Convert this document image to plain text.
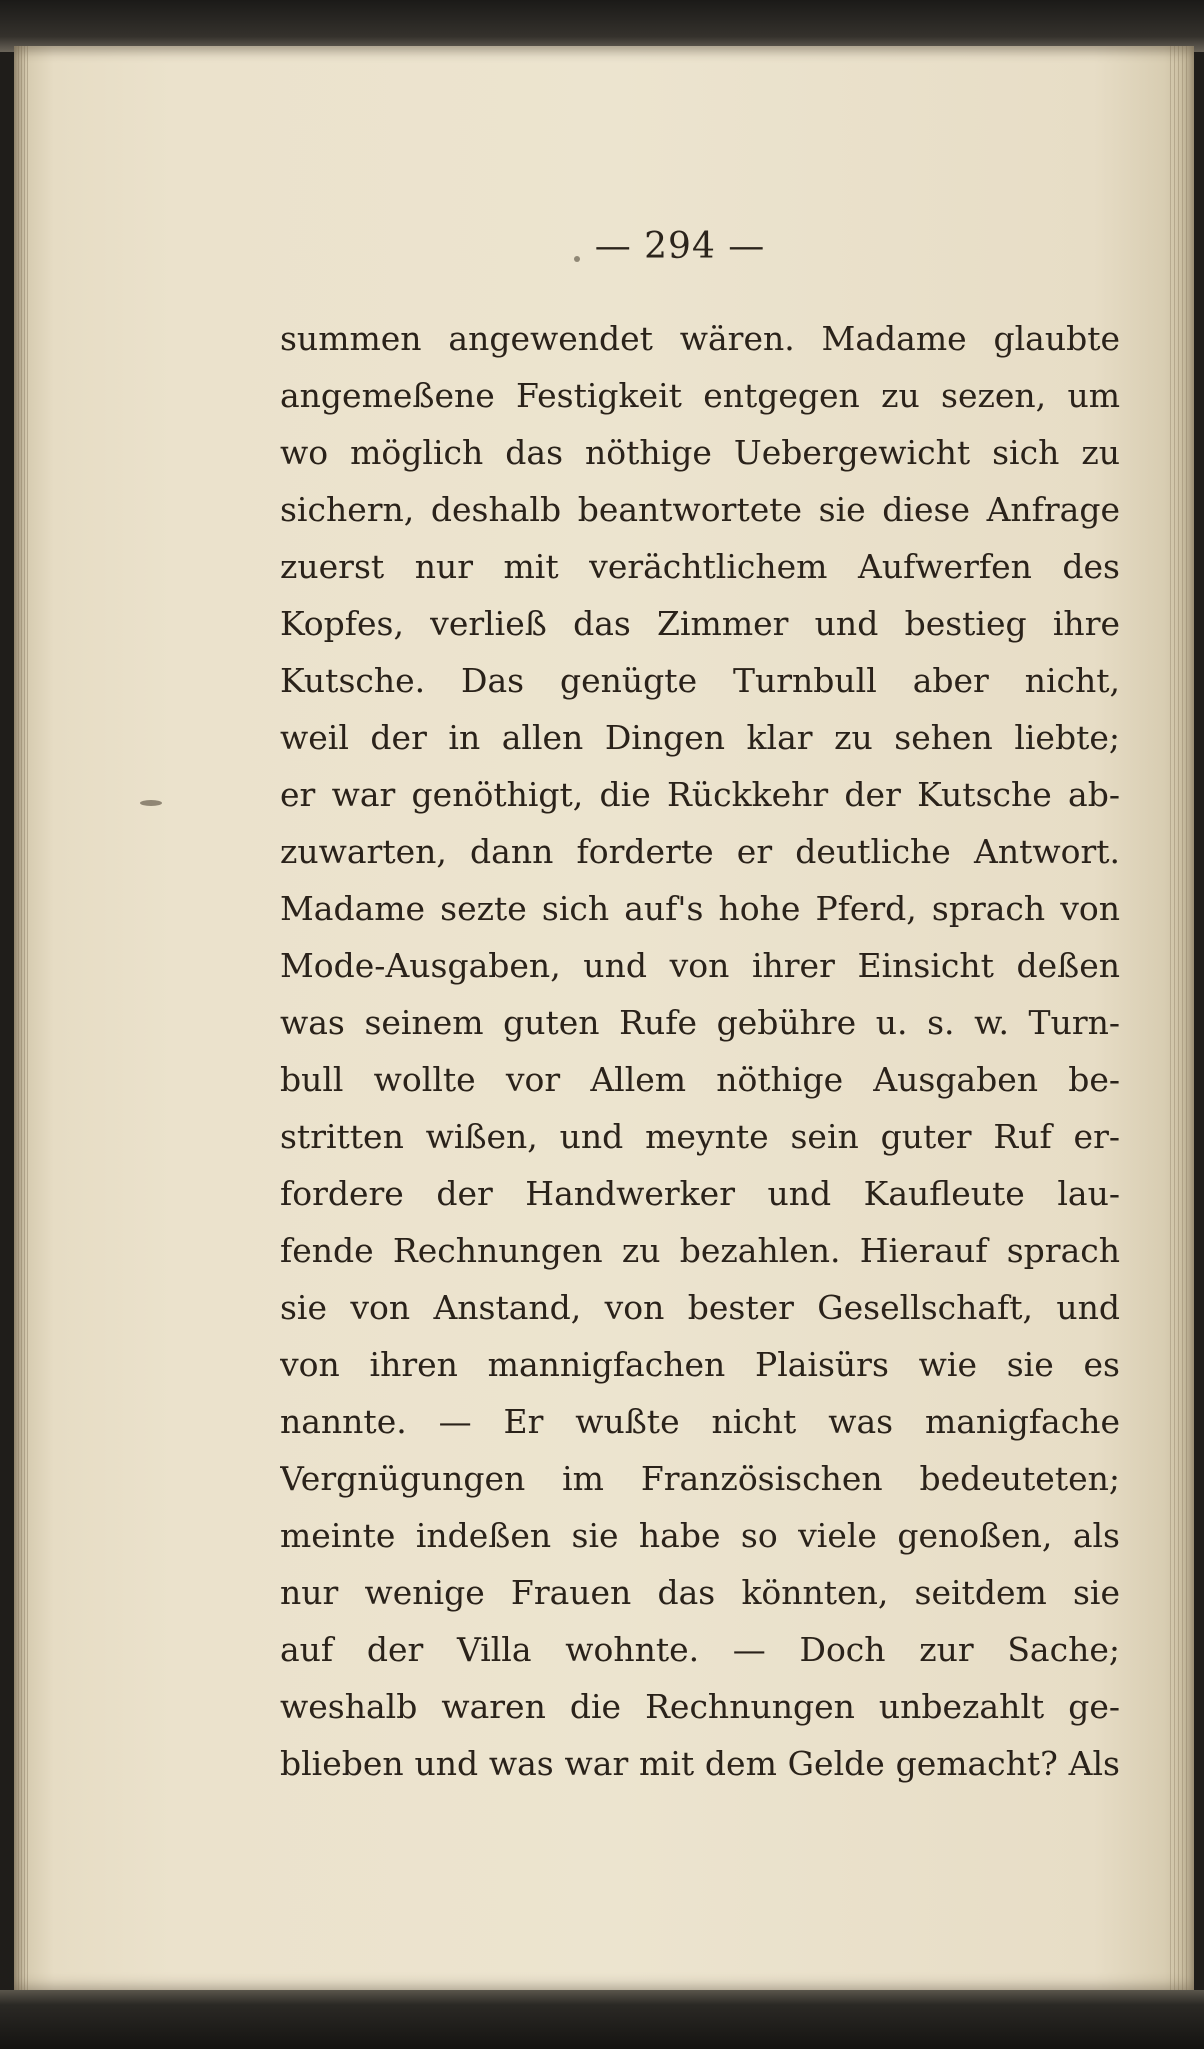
— 294 —
summen angewendet wären. Madame glaubte
angemeßene Festigkeit entgegen zu sezen, um
wo möglich das nöthige Uebergewicht sich zu
sichern, deshalb beantwortete sie diese Anfrage
zuerst nur mit verächtlichem Aufwerfen des
Kopfes, verließ das Zimmer und bestieg ihre
Kutsche. Das genügte Turnbull aber nicht,
weil der in allen Dingen klar zu sehen liebte;
er war genöthigt, die Rückkehr der Kutsche ab-
zuwarten, dann forderte er deutliche Antwort.
Madame sezte sich auf's hohe Pferd, sprach von
Mode-Ausgaben, und von ihrer Einsicht deßen
was seinem guten Rufe gebühre u. s. w. Turn-
bull wollte vor Allem nöthige Ausgaben be-
stritten wißen, und meynte sein guter Ruf er-
fordere der Handwerker und Kaufleute lau-
fende Rechnungen zu bezahlen. Hierauf sprach
sie von Anstand, von bester Gesellschaft, und
von ihren mannigfachen Plaisürs wie sie es
nannte. — Er wußte nicht was manigfache
Vergnügungen im Französischen bedeuteten;
meinte indeßen sie habe so viele genoßen, als
nur wenige Frauen das könnten, seitdem sie
auf der Villa wohnte. — Doch zur Sache;
weshalb waren die Rechnungen unbezahlt ge-
blieben und was war mit dem Gelde gemacht? Als
